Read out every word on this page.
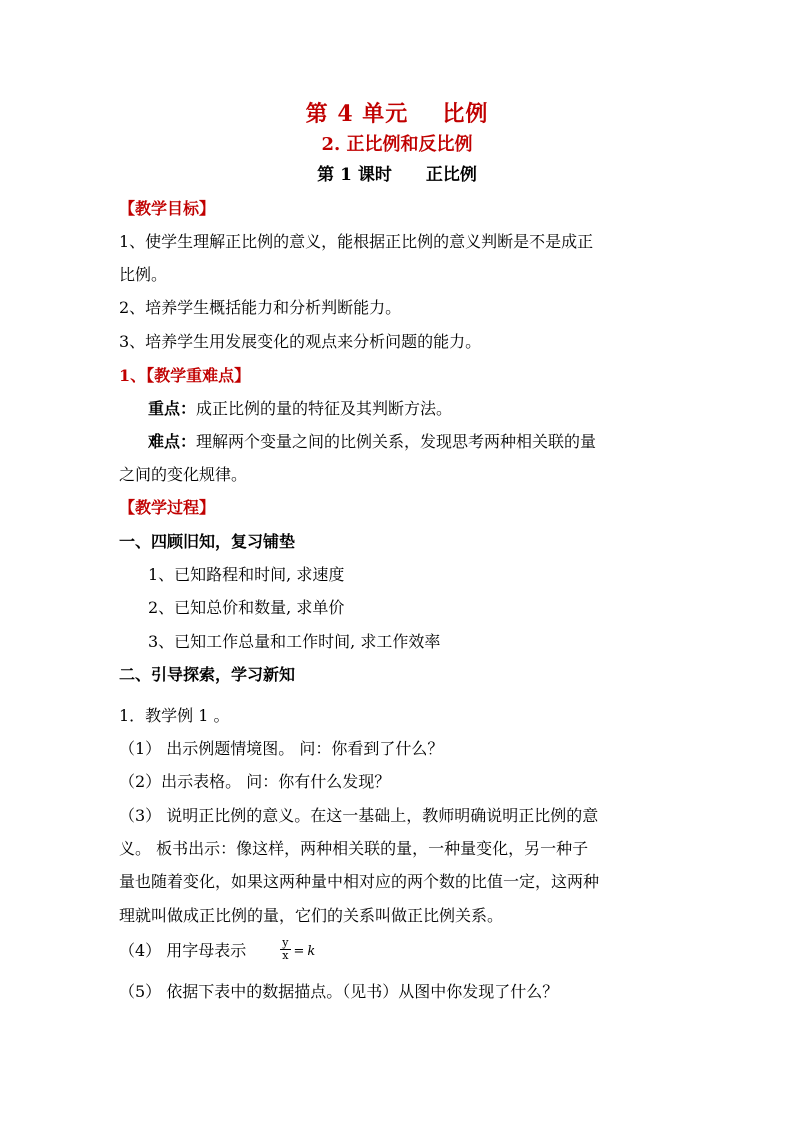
第 4 单元 比例
2. 正比例和反比例
第 1 课时 正比例
【教学目标】
1、使学生理解正比例的意义，能根据正比例的意义判断是不是成正
比例。
2、培养学生概括能力和分析判断能力。
3、培养学生用发展变化的观点来分析问题的能力。
1、【教学重难点】
重点：成正比例的量的特征及其判断方法。
难点：理解两个变量之间的比例关系，发现思考两种相关联的量
之间的变化规律。
【教学过程】
一、四顾旧知，复习铺垫
1、已知路程和时间, 求速度
2、已知总价和数量, 求单价
3、已知工作总量和工作时间, 求工作效率
二、引导探索，学习新知
1．教学例 1 。
（1） 出示例题情境图。 问：你看到了什么？
（2）出示表格。 问：你有什么发现？
（3） 说明正比例的意义。在这一基础上，教师明确说明正比例的意
义。 板书出示：像这样，两种相关联的量，一种量变化，另一种子
量也随着变化，如果这两种量中相对应的两个数的比值一定，这两种
理就叫做成正比例的量，它们的关系叫做正比例关系。
（4） 用字母表示	$\frac{y}{x} = k$
（5） 依据下表中的数据描点。（见书）从图中你发现了什么？
